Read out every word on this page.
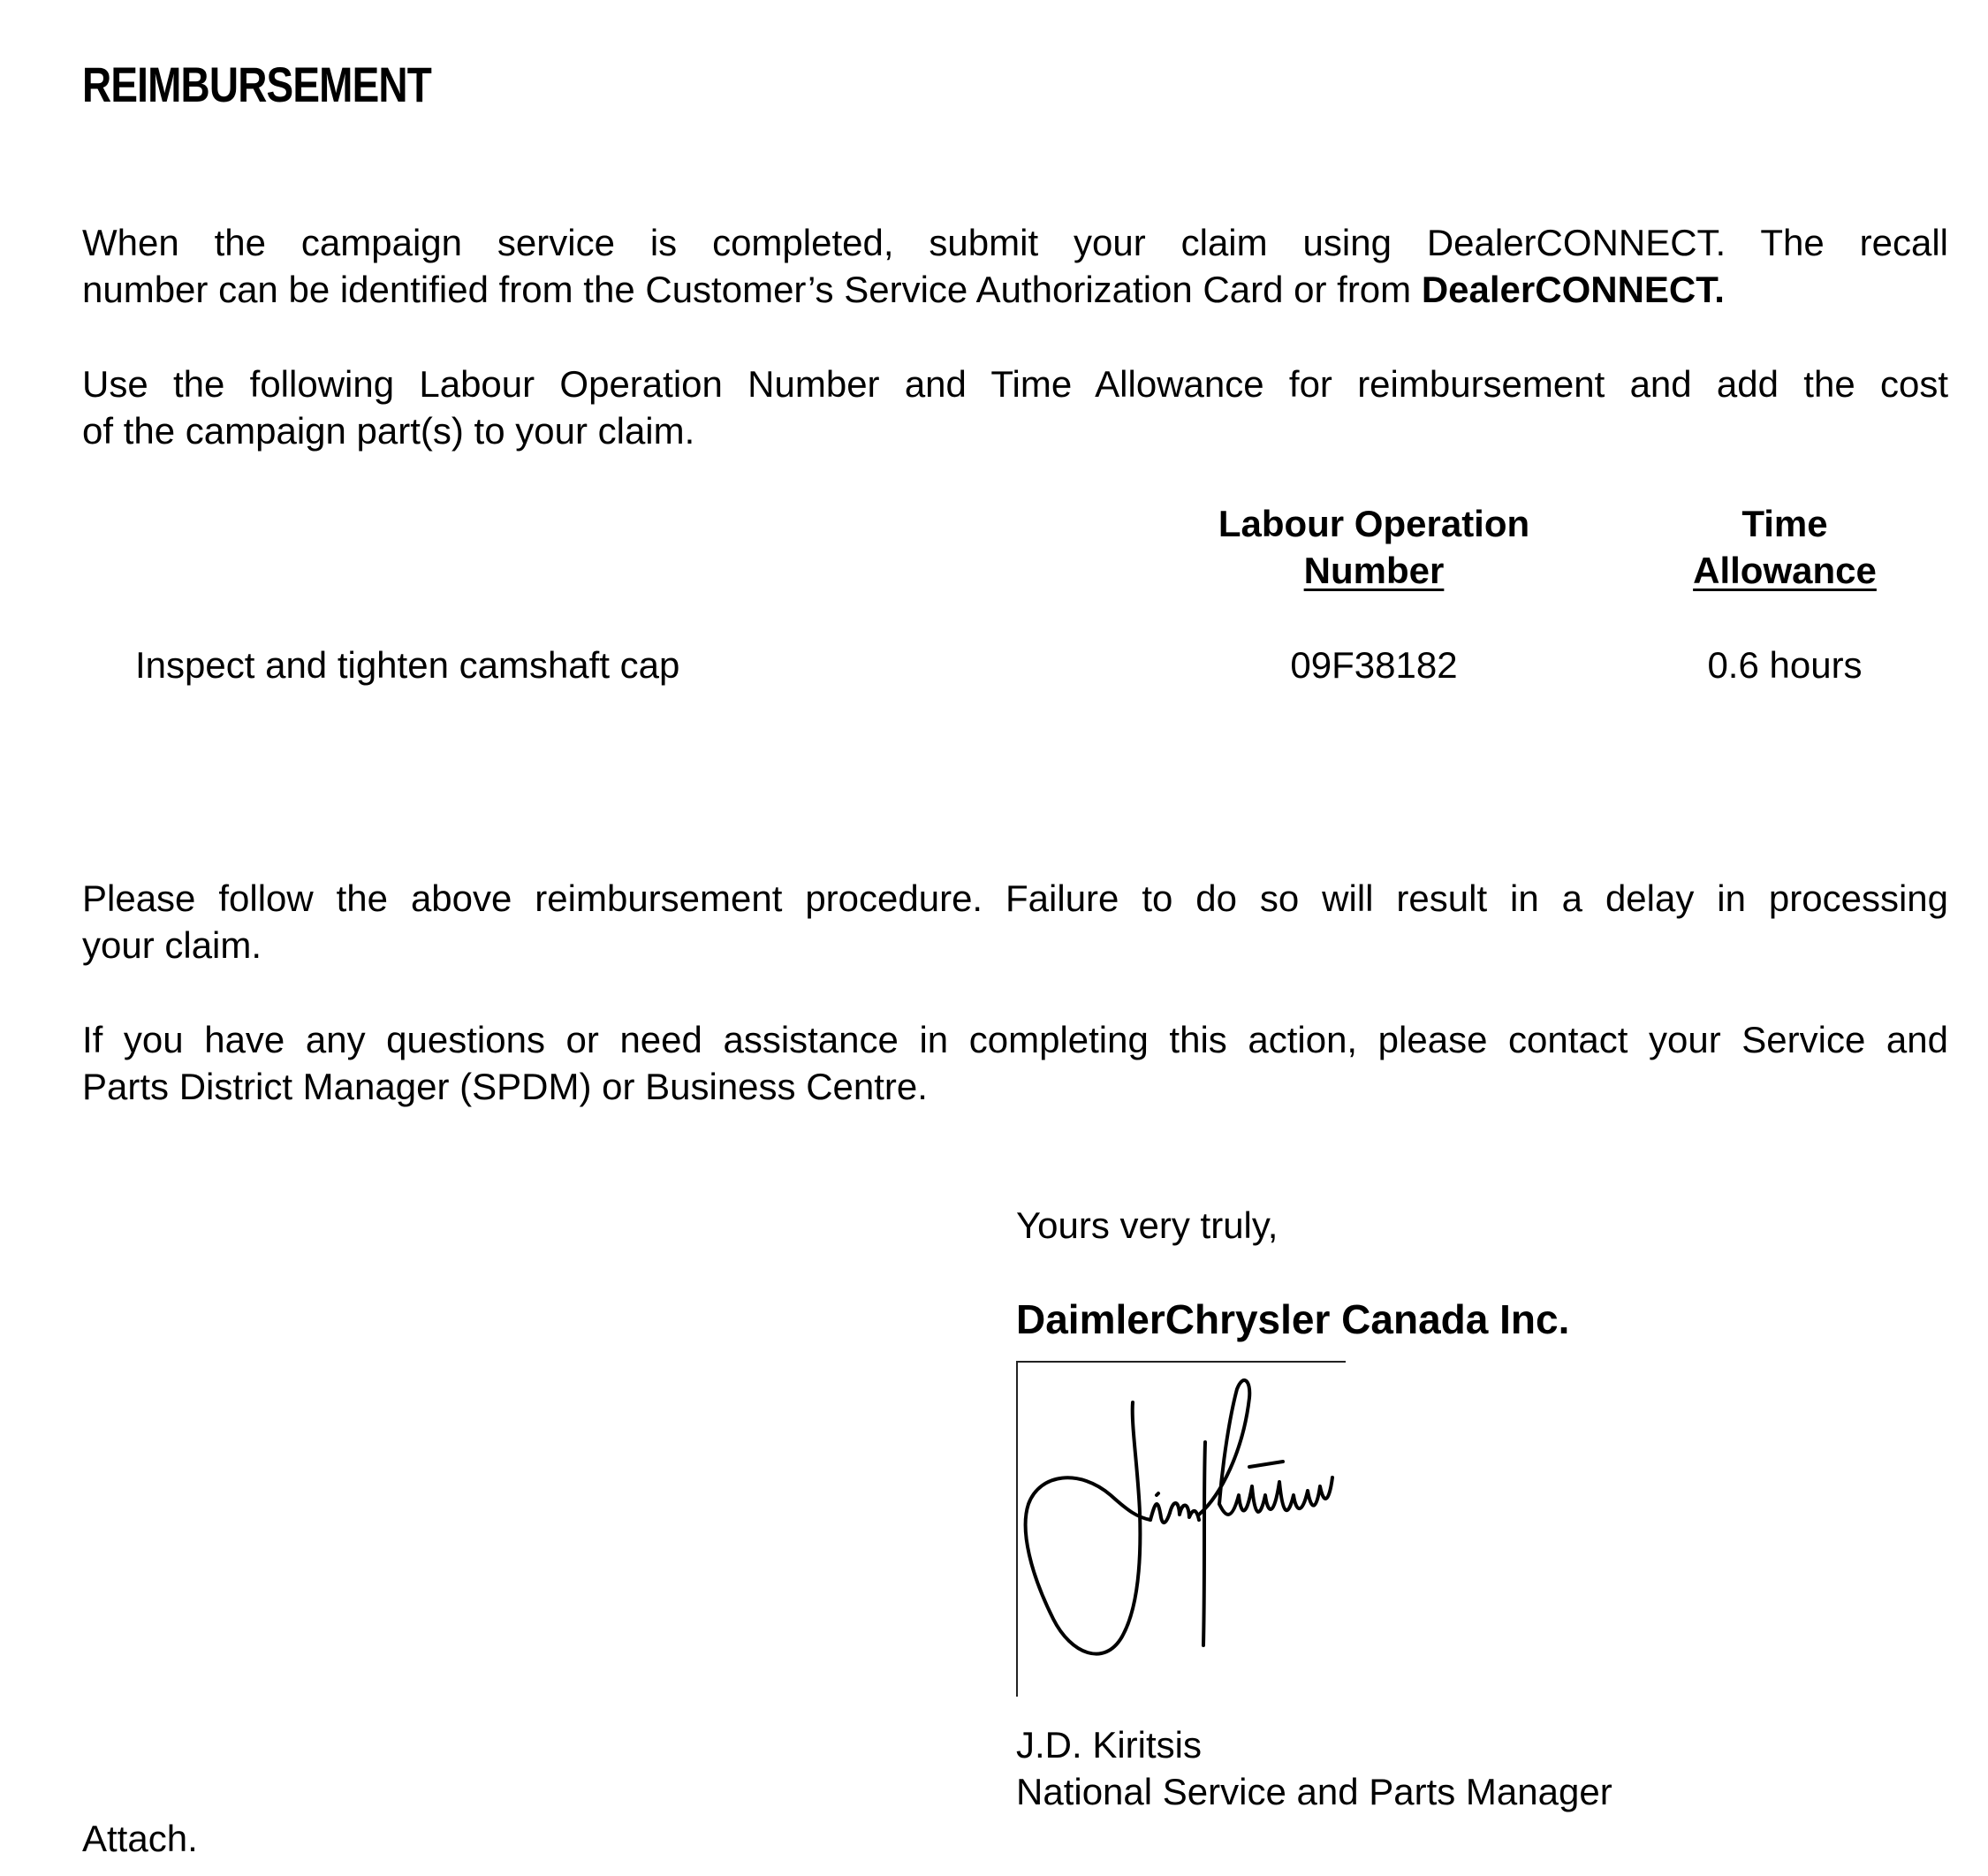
REIMBURSEMENT
When the campaign service is completed, submit your claim using DealerCONNECT. The recall
number can be identified from the Customer’s Service Authorization Card or from DealerCONNECT.
Use the following Labour Operation Number and Time Allowance for reimbursement and add the cost
of the campaign part(s) to your claim.
Labour Operation
Number
Time
Allowance
Inspect and tighten camshaft cap	09F38182	0.6 hours
Please follow the above reimbursement procedure. Failure to do so will result in a delay in processing
your claim.
If you have any questions or need assistance in completing this action, please contact your Service and
Parts District Manager (SPDM) or Business Centre.
Yours very truly,
DaimlerChrysler Canada Inc.
J.D. Kiritsis
National Service and Parts Manager
Attach.
